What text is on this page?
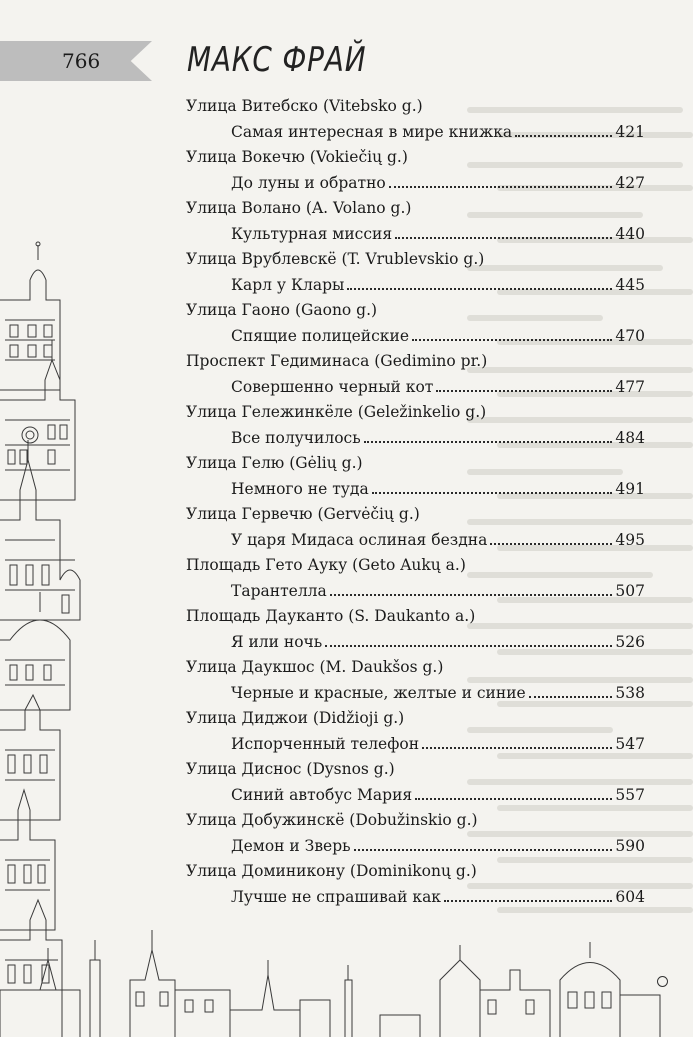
766	МАКС ФРАЙ
Улица Витебско (Vitebsko g.)
Самая интересная в мире книжка	421
Улица Вокечю (Vokiečių g.)
До луны и обратно	427
Улица Волано (A. Volano g.)
Культурная миссия	440
Улица Врублевскё (T. Vrublevskio g.)
Карл у Клары	445
Улица Гаоно (Gaono g.)
Спящие полицейские	470
Проспект Гедиминаса (Gedimino pr.)
Совершенно черный кот	477
Улица Гележинкёле (Geležinkelio g.)
Все получилось	484
Улица Гелю (Gėlių g.)
Немного не туда	491
Улица Гервечю (Gervėčių g.)
У царя Мидаса ослиная бездна	495
Площадь Гето Ауку (Geto Aukų a.)
Тарантелла	507
Площадь Дауканто (S. Daukanto a.)
Я или ночь	526
Улица Даукшос (M. Daukšos g.)
Черные и красные, желтые и синие	538
Улица Диджои (Didžioji g.)
Испорченный телефон	547
Улица Диснос (Dysnos g.)
Синий автобус Мария	557
Улица Добужинскё (Dobužinskio g.)
Демон и Зверь	590
Улица Доминикону (Dominikonų g.)
Лучше не спрашивай как	604
